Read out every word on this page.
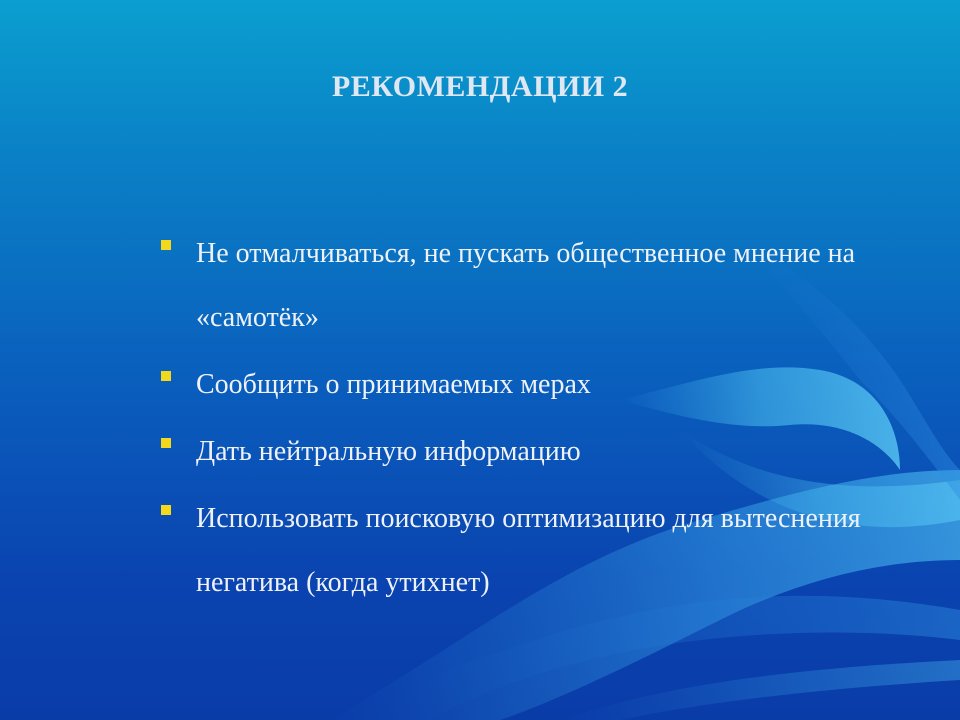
РЕКОМЕНДАЦИИ 2
Не отмалчиваться, не пускать общественное мнение на «самотёк»
Сообщить о принимаемых мерах
Дать нейтральную информацию
Использовать поисковую оптимизацию для вытеснения негатива (когда утихнет)
